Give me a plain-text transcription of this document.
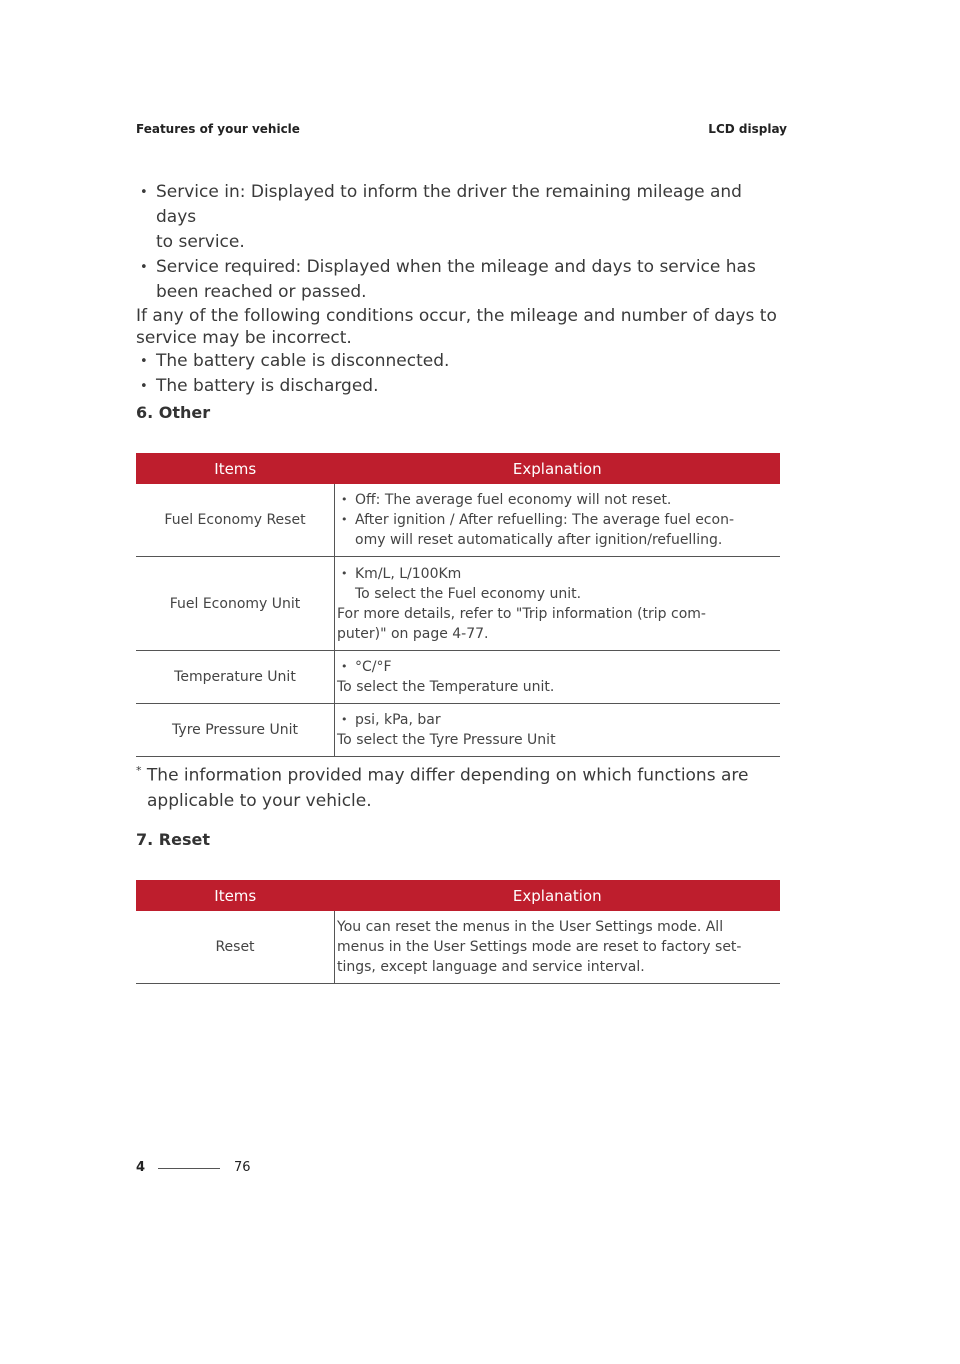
Features of your vehicle	LCD display
• Service in: Displayed to inform the driver the remaining mileage and days
to service.
• Service required: Displayed when the mileage and days to service has
been reached or passed.
If any of the following conditions occur, the mileage and number of days to
service may be incorrect.
• The battery cable is disconnected.
• The battery is discharged.
6. Other
Items	Explanation
Fuel Economy Reset	• Off: The average fuel economy will not reset.
• After ignition / After refuelling: The average fuel econ-
omy will reset automatically after ignition/refuelling.

Fuel Economy Unit	• Km/L, L/100Km
To select the Fuel economy unit.
For more details, refer to "Trip information (trip com-
puter)" on page 4-77.

Temperature Unit	• °C/°F
To select the Temperature unit.

Tyre Pressure Unit	• psi, kPa, bar
To select the Tyre Pressure Unit
* The information provided may differ depending on which functions are
applicable to your vehicle.
7. Reset
Items	Explanation
Reset	You can reset the menus in the User Settings mode. All
menus in the User Settings mode are reset to factory set-
tings, except language and service interval.
4	76
